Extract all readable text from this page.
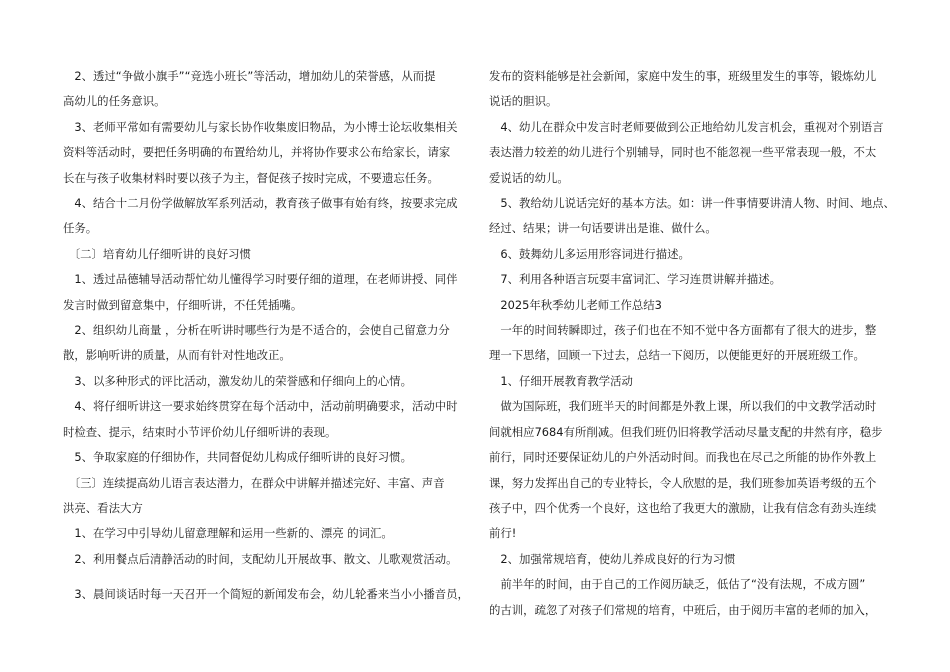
　2、透过“争做小旗手”“竞选小班长”等活动，增加幼儿的荣誉感，从而提

高幼儿的任务意识。

　3、老师平常如有需要幼儿与家长协作收集废旧物品，为小博士论坛收集相关

资料等活动时，要把任务明确的布置给幼儿，并将协作要求公布给家长，请家

长在与孩子收集材料时要以孩子为主，督促孩子按时完成，不要遗忘任务。

　4、结合十二月份学做解放军系列活动，教育孩子做事有始有终，按要求完成

任务。

　〔二〕培育幼儿仔细听讲的良好习惯

　1、透过品德辅导活动帮忙幼儿懂得学习时要仔细的道理，在老师讲授、同伴

发言时做到留意集中，仔细听讲，不任凭插嘴。

　2、组织幼儿商量 ，分析在听讲时哪些行为是不适合的，会使自己留意力分

散，影响听讲的质量，从而有针对性地改正。

　3、以多种形式的评比活动，激发幼儿的荣誉感和仔细向上的心情。

　4、将仔细听讲这一要求始终贯穿在每个活动中，活动前明确要求，活动中时

时检查、提示，结束时小节评价幼儿仔细听讲的表现。

　5、争取家庭的仔细协作，共同督促幼儿构成仔细听讲的良好习惯。

　〔三〕连续提高幼儿语言表达潜力，在群众中讲解并描述完好、丰富、声音

洪亮、看法大方

　1、在学习中引导幼儿留意理解和运用一些新的、漂亮 的词汇。

　2、利用餐点后清静活动的时间，支配幼儿开展故事、散文、儿歌观赏活动。

　3、晨间谈话时每一天召开一个简短的新闻发布会，幼儿轮番来当小小播音员，

发布的资料能够是社会新闻，家庭中发生的事，班级里发生的事等，锻炼幼儿

说话的胆识。

　4、幼儿在群众中发言时老师要做到公正地给幼儿发言机会，重视对个别语言

表达潜力较差的幼儿进行个别辅导，同时也不能忽视一些平常表现一般，不太

爱说话的幼儿。

　5、教给幼儿说话完好的基本方法。如：讲一件事情要讲清人物、时间、地点、

经过、结果；讲一句话要讲出是谁、做什么。

　6、鼓舞幼儿多运用形容词进行描述。

　7、利用各种语言玩耍丰富词汇、学习连贯讲解并描述。

　2025年秋季幼儿老师工作总结3

　一年的时间转瞬即过，孩子们也在不知不觉中各方面都有了很大的进步，整

理一下思绪，回顾一下过去，总结一下阅历，以便能更好的开展班级工作。

　1、仔细开展教育教学活动

　做为国际班，我们班半天的时间都是外教上课，所以我们的中文教学活动时

间就相应7684有所削减。但我们班仍旧将教学活动尽量支配的井然有序，稳步

前行，同时还要保证幼儿的户外活动时间。而我也在尽己之所能的协作外教上

课，努力发挥出自己的专业特长，令人欣慰的是，我们班参加英语考级的五个

孩子中，四个优秀一个良好，这也给了我更大的激励，让我有信念有劲头连续

前行!

　2、加强常规培育，使幼儿养成良好的行为习惯

　前半年的时间，由于自己的工作阅历缺乏，低估了“没有法规，不成方圆”

的古训，疏忽了对孩子们常规的培育，中班后，由于阅历丰富的老师的加入，
